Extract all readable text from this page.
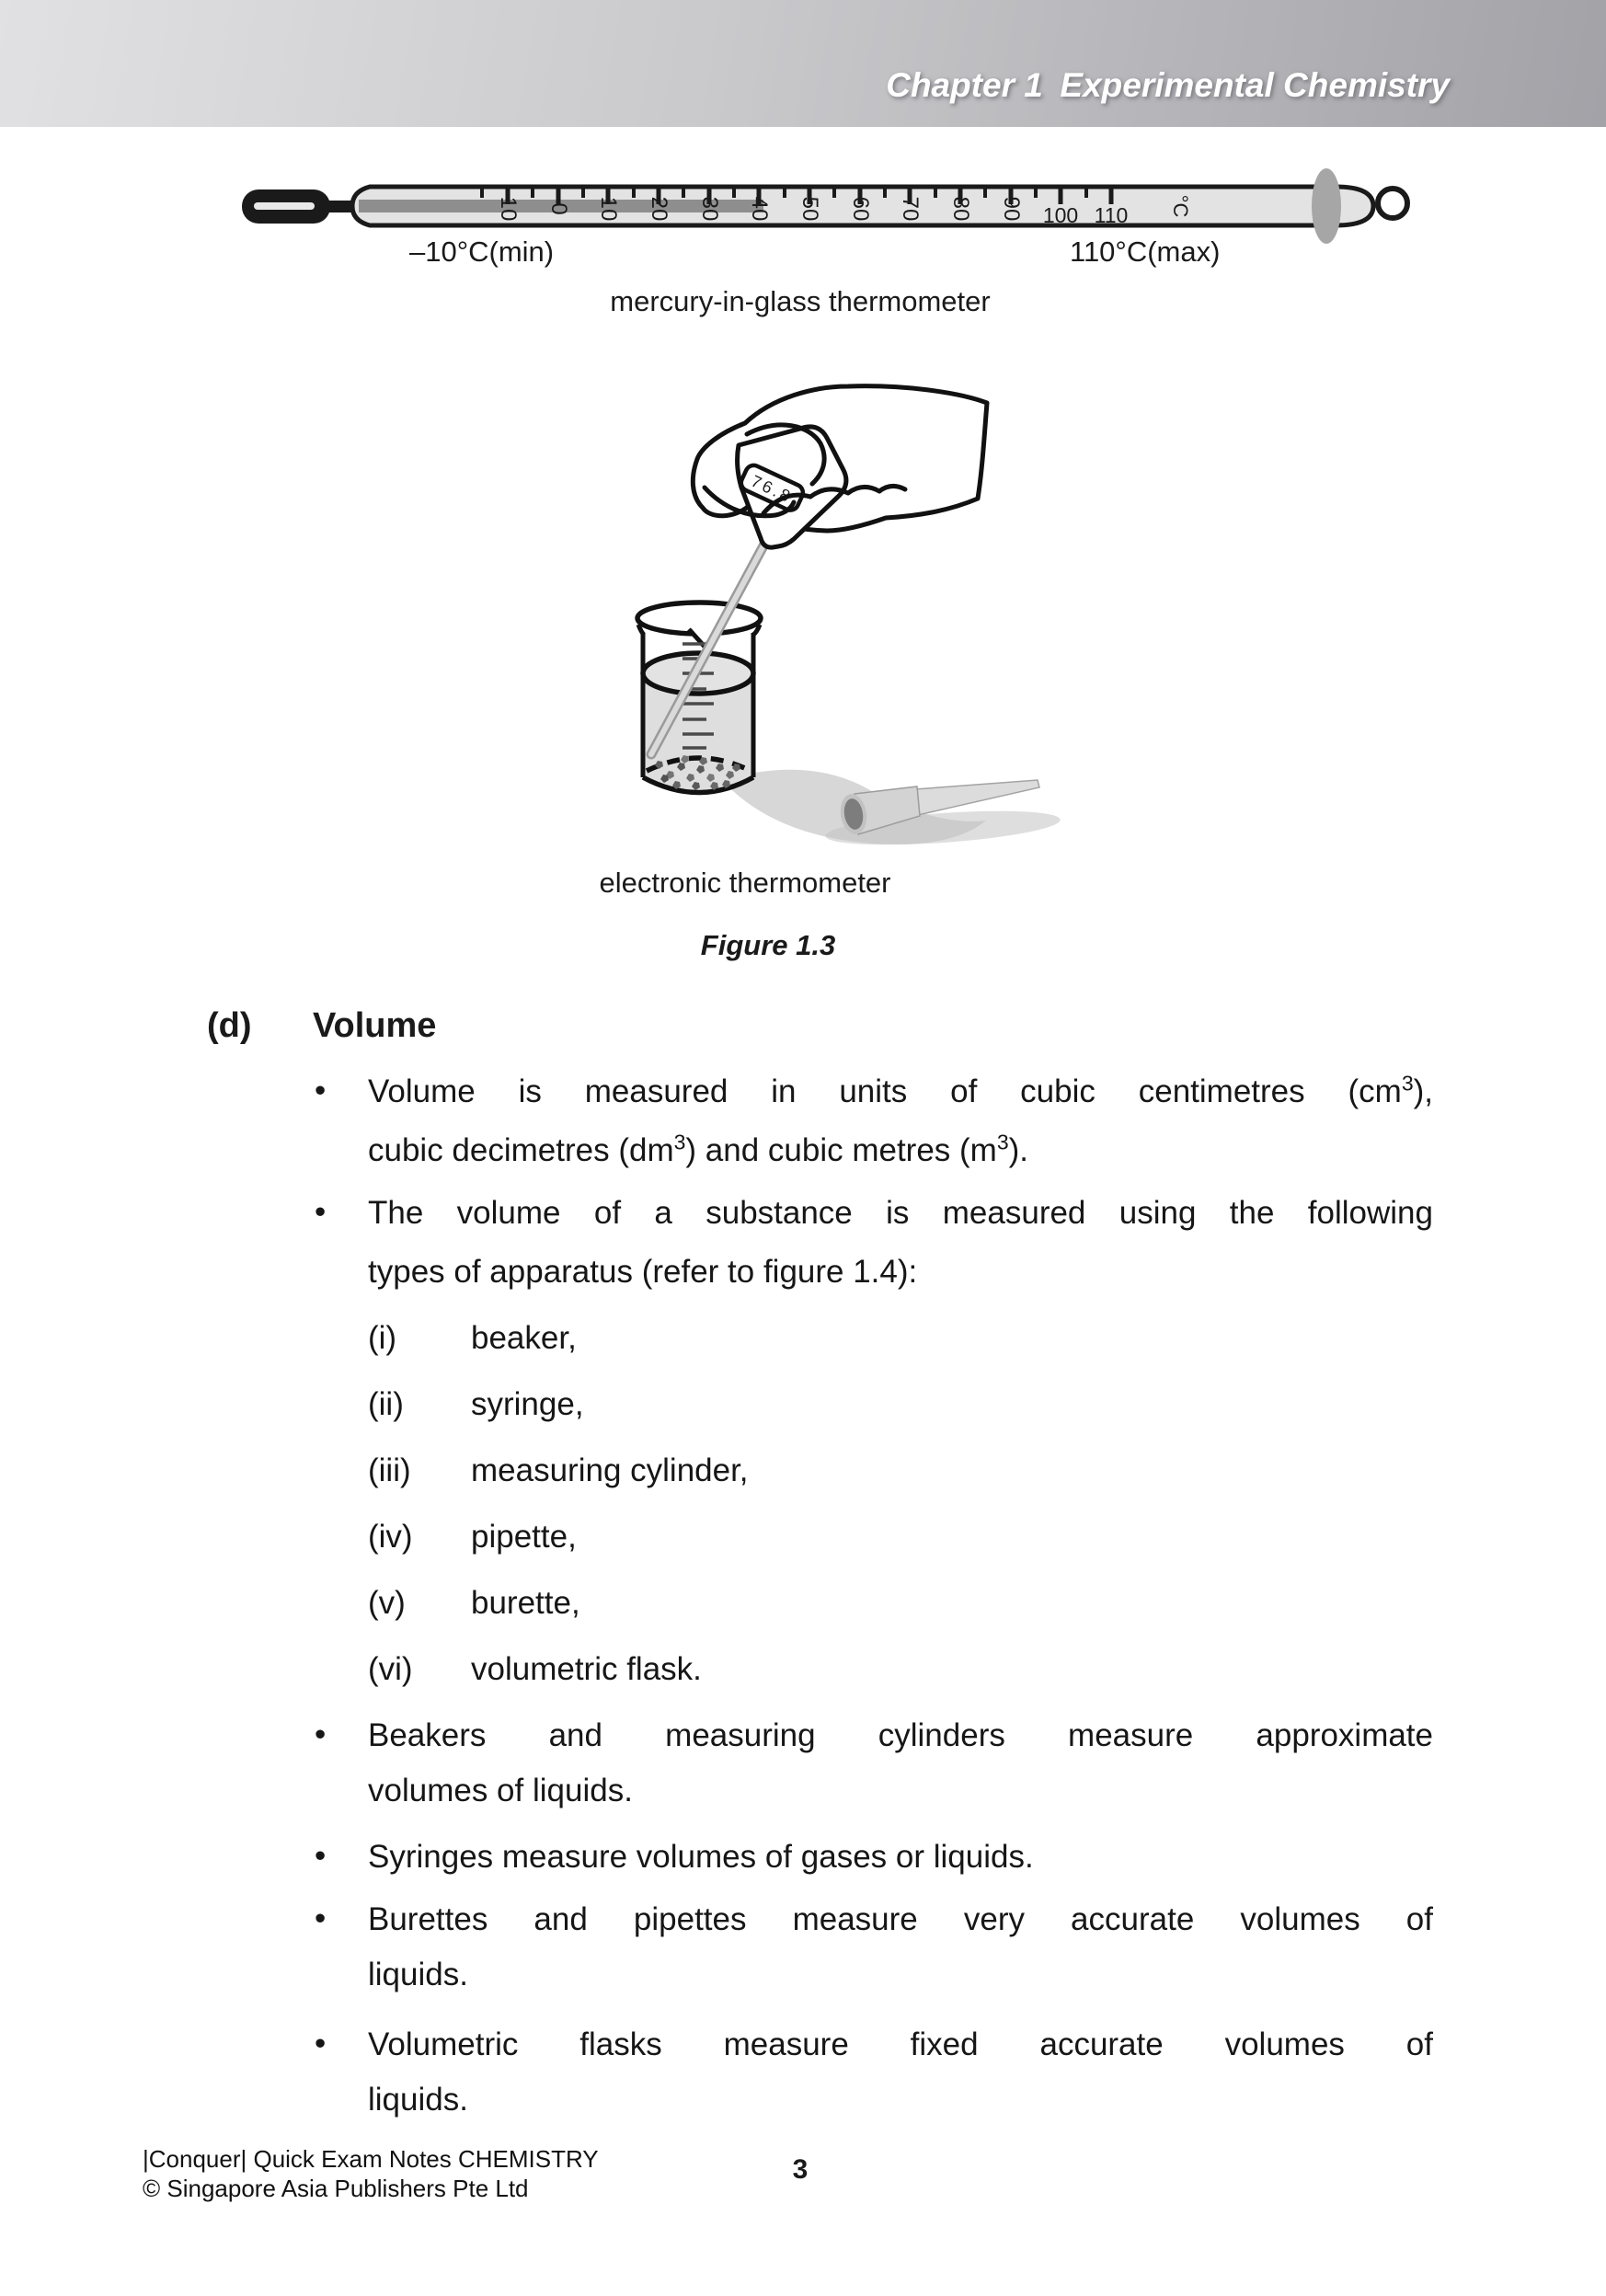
Chapter 1 Experimental Chemistry
10 0 10 20 30 40 50 60 70 80 90 100 110 °C
–10°C(min)	110°C(max)
mercury-in-glass thermometer
76.8
electronic thermometer
Figure 1.3
(d) Volume
•	Volume is measured in units of cubic centimetres $(cm^3)$,
cubic decimetres $(dm^3)$ and cubic metres $(m^3)$.
•	The volume of a substance is measured using the following
types of apparatus (refer to figure 1.4):
(i) beaker,
(ii) syringe,
(iii) measuring cylinder,
(iv) pipette,
(v) burette,
(vi) volumetric flask.
•	Beakers and measuring cylinders measure approximate
volumes of liquids.
•	Syringes measure volumes of gases or liquids.
•	Burettes and pipettes measure very accurate volumes of
liquids.
•	Volumetric flasks measure fixed accurate volumes of
liquids.
|Conquer| Quick Exam Notes CHEMISTRY
© Singapore Asia Publishers Pte Ltd
3
